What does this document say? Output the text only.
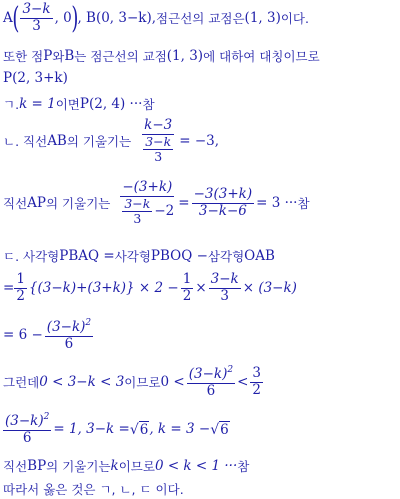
A ( $\frac{3-k}{3}$ , 0 ) , B(0, 3−k), 점근선의 교점은 (1, 3) 이다.
또한 점 P 와 B 는 점근선의 교점 (1, 3) 에 대하여 대칭이므로
P(2, 3+k)
ㄱ. k = 1 이면 P(2, 4) ··· 참
ㄴ. 직선 AB 의 기울기는 $\frac{k-3}{\frac{3-k}{3}} = -3$,
직선 AP 의 기울기는 $\frac{-(3+k)}{\frac{3-k}{3} -2} = \frac{-3(3+k)}{3-k-6} = 3$ ··· 참
ㄷ. 사각형 PBAQ = 사각형 PBOQ − 삼각형 OAB
= $\frac{1}{2} \{(3-k)+(3+k)\} \times 2 - \frac{1}{2} \times \frac{3-k}{3} \times (3-k)$
= $6 - \frac{(3-k)^2}{6}$
그런데 0 < 3−k < 3 이므로 $0 < \frac{(3-k)^2}{6} < \frac{3}{2}$
$\frac{(3-k)^2}{6} = 1$, 3−k = √ 6 , k = 3 − √ 6
직선 BP 의 기울기는 k 이므로 0 < k < 1 ··· 참
따라서 옳은 것은 ㄱ, ㄴ, ㄷ 이다.
